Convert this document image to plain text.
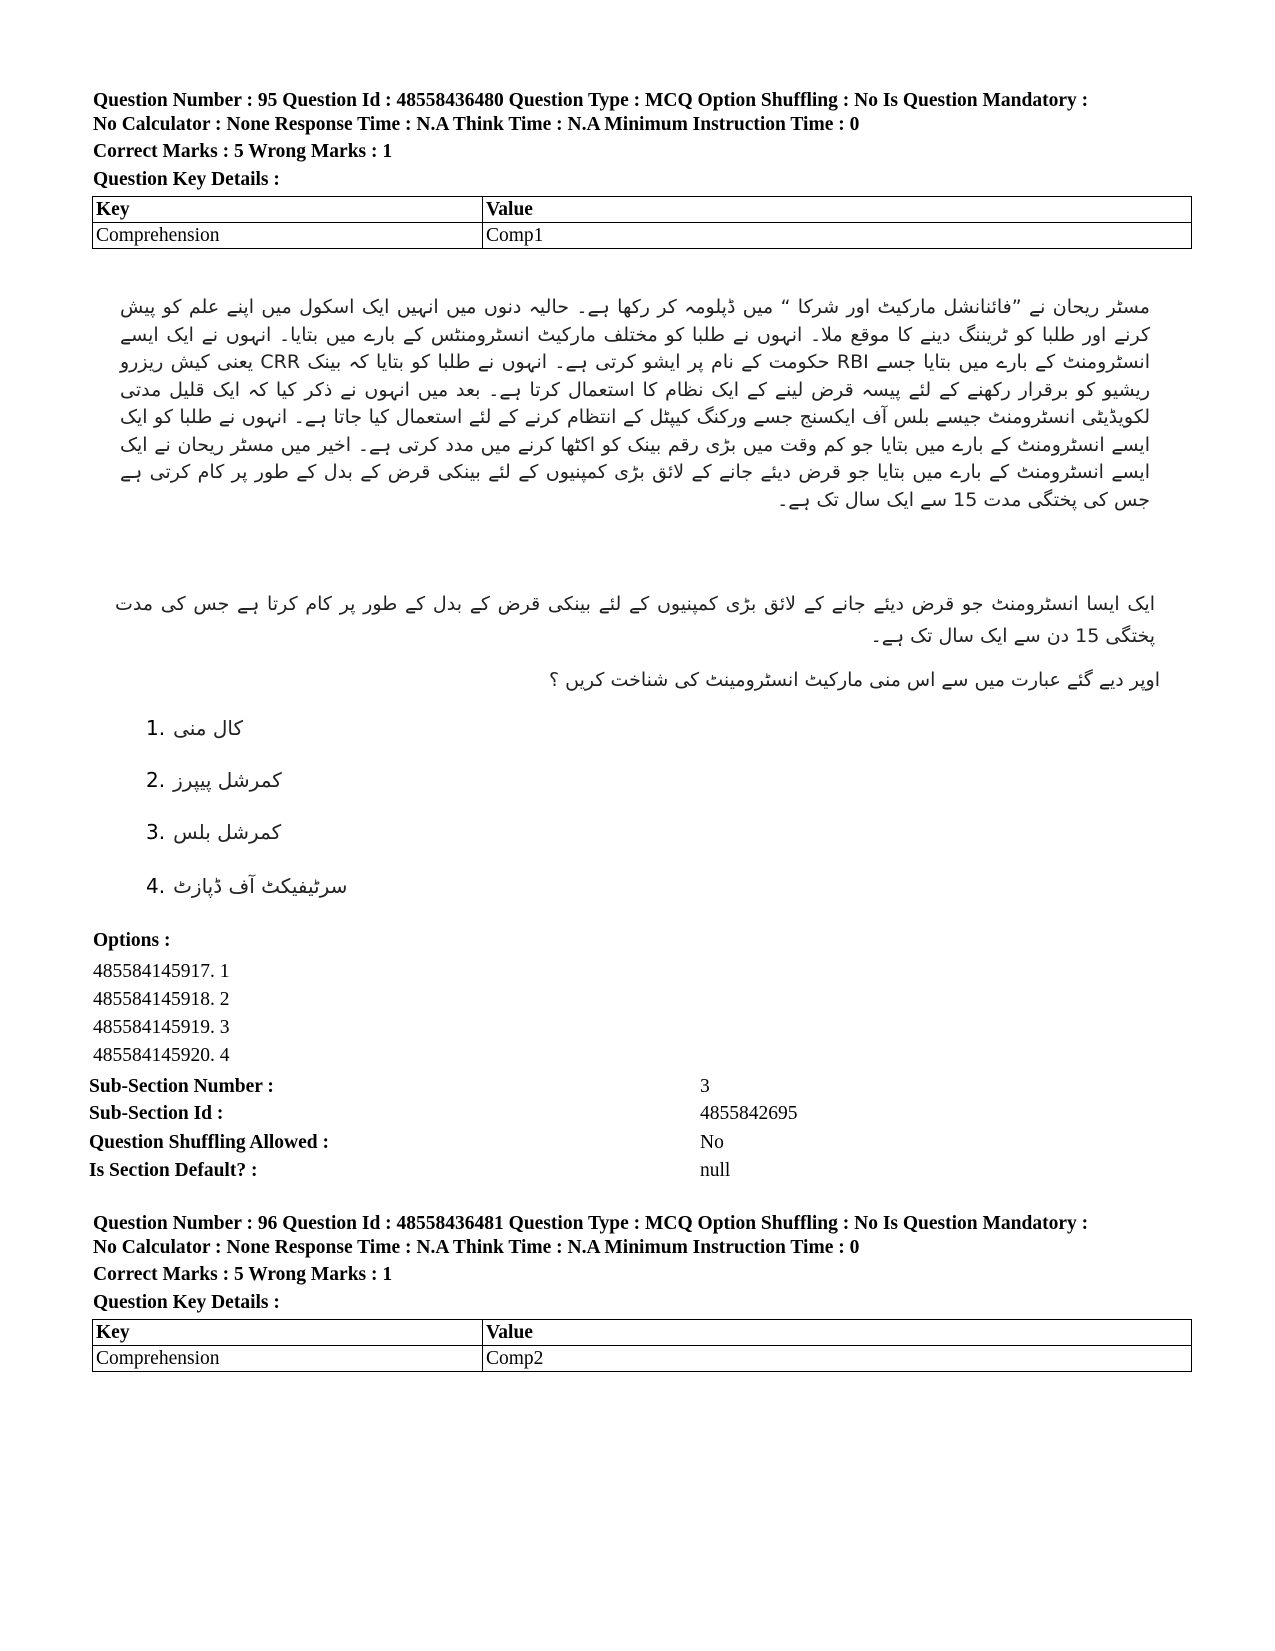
Question Number : 95 Question Id : 48558436480 Question Type : MCQ Option Shuffling : No Is Question Mandatory :
No Calculator : None Response Time : N.A Think Time : N.A Minimum Instruction Time : 0

Correct Marks : 5 Wrong Marks : 1

Question Key Details :

Key	Value
Comprehension	Comp1
مسٹر ریحان نے ”فائنانشل مارکیٹ اور شرکا “ میں ڈپلومہ کر رکھا ہے۔ حالیہ دنوں میں انہیں ایک اسکول میں اپنے علم کو پیش کرنے اور طلبا کو ٹریننگ دینے کا موقع ملا۔ انہوں نے طلبا کو مختلف مارکیٹ انسٹرومنٹس کے بارے میں بتایا۔ انہوں نے ایک ایسے انسٹرومنٹ کے بارے میں بتایا جسے RBI حکومت کے نام پر ایشو کرتی ہے۔ انہوں نے طلبا کو بتایا کہ بینک CRR یعنی کیش ریزرو ریشیو کو برقرار رکھنے کے لئے پیسہ قرض لینے کے ایک نظام کا استعمال کرتا ہے۔ بعد میں انہوں نے ذکر کیا کہ ایک قلیل مدتی لکویڈیٹی انسٹرومنٹ جیسے بلس آف ایکسنج جسے ورکنگ کیپٹل کے انتظام کرنے کے لئے استعمال کیا جاتا ہے۔ انہوں نے طلبا کو ایک ایسے انسٹرومنٹ کے بارے میں بتایا جو کم وقت میں بڑی رقم بینک کو اکٹھا کرنے میں مدد کرتی ہے۔ اخیر میں مسٹر ریحان نے ایک ایسے انسٹرومنٹ کے بارے میں بتایا جو قرض دیئے جانے کے لائق بڑی کمپنیوں کے لئے بینکی قرض کے بدل کے طور پر کام کرتی ہے جس کی پختگی مدت 15 سے ایک سال تک ہے۔
ایک ایسا انسٹرومنٹ جو قرض دیئے جانے کے لائق بڑی کمپنیوں کے لئے بینکی قرض کے بدل کے طور پر کام کرتا ہے جس کی مدت پختگی 15 دن سے ایک سال تک ہے۔
اوپر دیے گئے عبارت میں سے اس منی مارکیٹ انسٹرومینٹ کی شناخت کریں ؟
1. کال منی
2. کمرشل پیپرز
3. کمرشل بلس
4. سرٹیفیکٹ آف ڈپازٹ
Options :
485584145917. 1
485584145918. 2
485584145919. 3
485584145920. 4
Sub-Section Number :	3
Sub-Section Id :	4855842695
Question Shuffling Allowed :	No
Is Section Default? :	null

Question Number : 96 Question Id : 48558436481 Question Type : MCQ Option Shuffling : No Is Question Mandatory :
No Calculator : None Response Time : N.A Think Time : N.A Minimum Instruction Time : 0

Correct Marks : 5 Wrong Marks : 1

Question Key Details :

Key	Value
Comprehension	Comp2
